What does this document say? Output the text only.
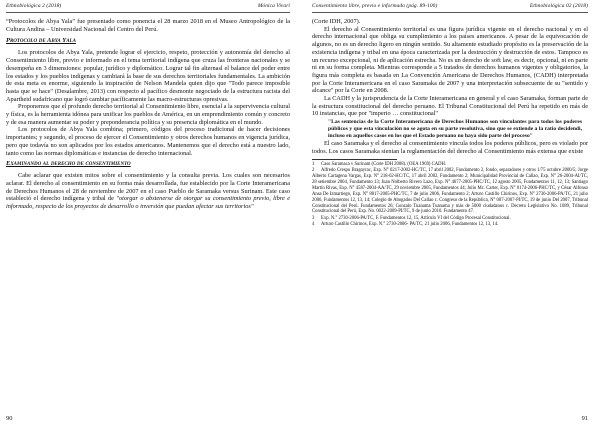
Ethnobiológica 2 (2018)	Mónica Vivarí

“Protocolos de Abya Yala” fue presentado como ponencia el 28 marzo 2018 en el Museo Antropológico de la Cultura Andina – Universidad Nacional del Centro del Perú.

Protocolo de Abya Yala

Los protocolos de Abya Yala, pretende lograr el ejercicio, respeto, protección y autonomía del derecho al Consentimiento libre, previo e informado en el tema territorial indígena que cruza las fronteras nacionales y se desempeña en 3 dimensiones: popular, jurídico y diplomático. Lograr tal fin alternasl el balance del poder entre los estados y los pueblos indígenas y cambiará la base de sus derechos territoriales fundamentales. La ambición de esta meta es enorme, siguiendo la inspiración de Nelson Mandela quien dijo que "Todo parece imposible hasta que se hace" (Desalambre, 2013) con respecto al pacífico desmonte negociado de la estructura racista del Apartheid sudafricano que logró cambiar pacíficamente las macro-estructuras opresivas.

Proponemos que el profundo derecho territorial al Consentimiento libre, esencial a la supervivencia cultural y física, es la herramienta idónea para unificar los pueblos de América, en un emprendimiento común y concreto y de esa manera aumentar su poder y preponderancia política y su presencia diplomática en el mundo.

Los protocolos de Abya Yala combina; primero, códigos del proceso tradicional de hacer decisiones importantes; y segundo, el proceso de ejercer el Consentimiento y otros derechos humanos en vigencia jurídica, pero que todavía no son aplicados por los estados americanos. Mantenemos que el derecho está a nuestro lado, tanto como las normas diplomáticas e instancias de derecho internacional.

Examinando al derecho de consentimiento

Cabe aclarar que existen mitos sobre el consentimiento y la consulta previa. Los cuales son necesarios aclarar. El derecho al consentimiento en su forma más desarrollada, fue establecido por la Corte Interamericana de Derechos Humanos el 28 de noviembre de 2007 en el caso Pueblo de Saramaka versus Surinam. Este caso estableció el derecho indígena y tribal de "otorgar o abstenerse de otorgar su consentimiento previo, libre e informado, respecto de los proyectos de desarrollo o inversión que puedan afectar sus territorios"

90
Consentimiento libre, previo e informado (pág. 89-100)	Ethnobiológica 02 (2018)

(Corte IDH, 2007).

El derecho al Consentimiento territorial es una figura jurídica vigente en el derecho nacional y en el derecho internacional que obliga su cumplimiento a los países americanos. A pesar de la equivocación de algunos, no es un derecho ligero en ningún sentido. Su altamente estudiado propósito es la preservación de la existencia indígena y tribal en una época caracterizada por la destrucción y destrucción de estos. Tampoco es un recurso excepcional, ni de aplicación estrecha. No es un derecho de soft law, es decir, opcional, ni en parte ni en su forma completa. Mientras corresponde a 5 tratados de derechos humanos vigentes y obligatorios, la figura más completa es basada en La Convención Americana de Derechos Humanos, (CADH) interpretada por la Corte Interamericana en el caso Saramaka de 2007 y una interpretación subsecuente de su "sentido y alcance" por la Corte en 2008.

La CADH y la jurisprudencia de la Corte Interamericana en general y el caso Saramaka, forman parte de la estructura constitucional del derecho peruano. El Tribunal Constitucional del Perú ha repetido en más de 10 instancias, que por "imperio … constitucional"

"Las sentencias de la Corte Interamericana de Derechos Humanos son vinculantes para todos los poderes públicos y que esta vinculación no se agota en su parte resolutiva, sino que se extiende a la ratio decidendi, incluso en aquellos casos en los que el Estado peruano no haya sido parte del proceso"

El caso Saramaka y el derecho al consentimiento vincula todos los poderes públicos, pero es violado por todos. Los casos Saramaka sientan la reglamentación del derecho al Consentimiento más extensa que existe

1 Caso Saramaca v Surinam (Corte IDH 2008). (OEA 1969) CADH.

2 Alfredo Crespo Bragayrac, Exp. N° 0217-2002-HC/TC, 17 abril 2002, Fundamento 2, fondo, separadores y otros 1/75 octubre 2000/5; Jorge Alberto Cartagena Vargas, Exp. N° 218-02-HC/TC, 17 abril 2002, Fundamento 2; Municipalidad Provincial de Callao, Exp. N° 26-2004-AI/TC, 28 setiembre 2004, Fundamento 13; Juan Nolberto Rivero Lazo, Exp. N° 4677-2005-PHC/TC, 12 agosto 2005, Fundamentos 11, 12, 13; Santiago Martín Rivas, Exp. N° 4587-2004-AA/TC, 29 noviembre 2005, Fundamentos 44; Julio Mc. Carter, Exp. N° 0174-2006-PHC/TC, y César Alfonso Ansa De Izmartiego, Exp. N° 8817-2005-PHC/TC, 7 de julio 2006, Fundamento 2; Arturo Castillo Chirinos, Exp. N° 2730-2006-PA/TC, 21 julio 2006, Fundamentos 12, 13, 14; Colegio de Abogados Del Callao c. Congreso de la República, N° 007-2007-PI/TC, 19 de junio Del 2007, Tribunal Constitucional del Perú. Fundamentos 26; Gonzalo Tuanama Tuanama y más de 5000 ciudadanos c. Decreto Legislativo No. 1089, Tribunal Constitucional del Perú, Exp. No. 0022-2009-PI/TC, 9 de junio 2010. Fundamento 47.

3 Exp. N.° 2730-2006-PA/TC, F. Fundamentos 12, 15, Artículo VI del Código Procesal Constitucional.

4 Arturo Castillo Chirinos, Exp. N.° 2730-2006- PA/TC, 21 julio 2006, Fundamentos 12, 13, 14.

91
